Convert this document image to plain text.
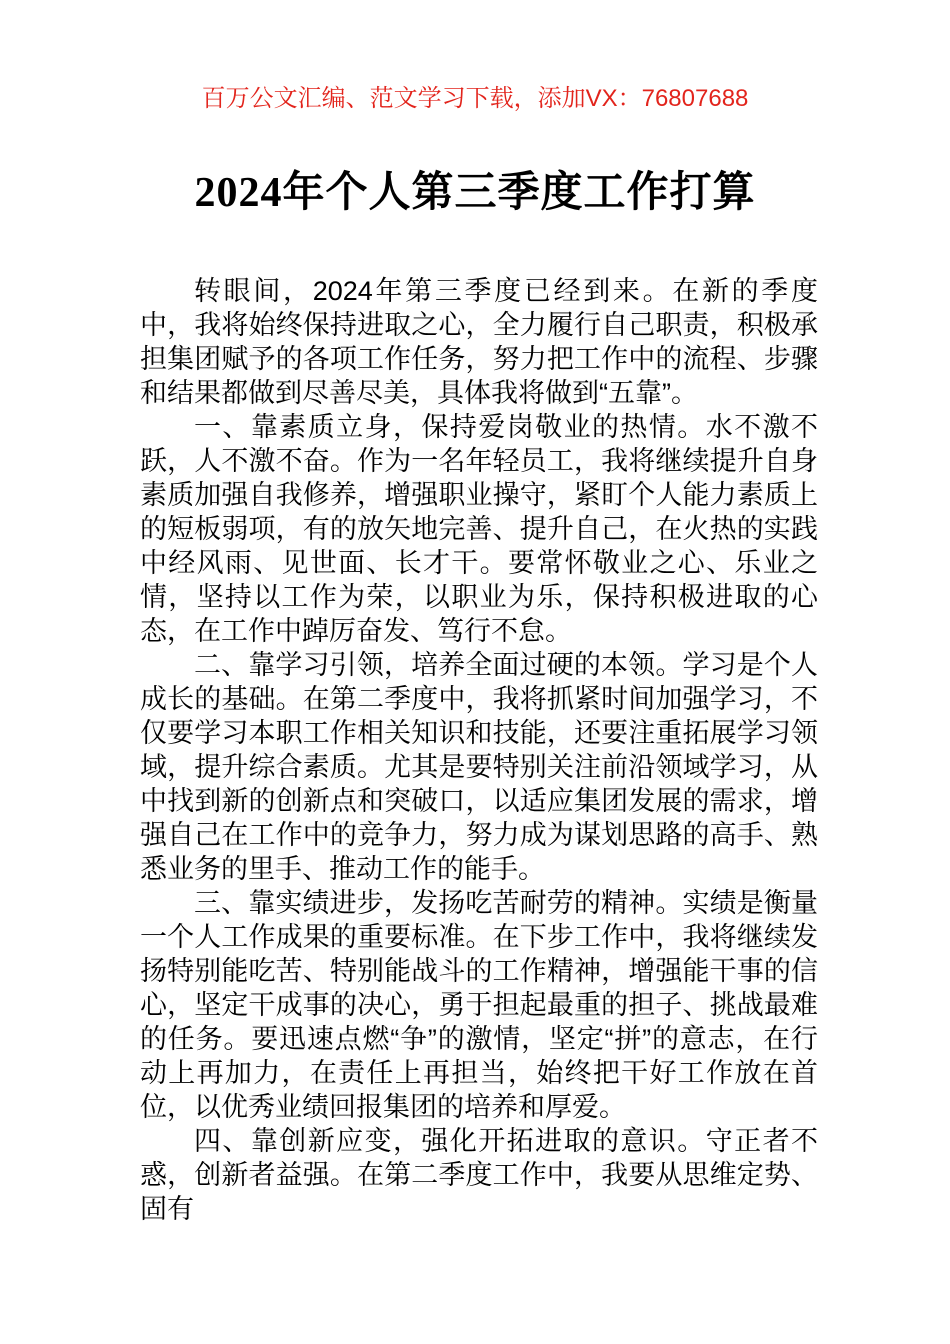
百万公文汇编、范文学习下载，添加VX：76807688
2024年个人第三季度工作打算

转眼间，2024年第三季度已经到来。在新的季度中，我将始终保持进取之心，全力履行自己职责，积极承担集团赋予的各项工作任务，努力把工作中的流程、步骤和结果都做到尽善尽美，具体我将做到“五靠”。

一、靠素质立身，保持爱岗敬业的热情。水不激不跃，人不激不奋。作为一名年轻员工，我将继续提升自身素质加强自我修养，增强职业操守，紧盯个人能力素质上的短板弱项，有的放矢地完善、提升自己，在火热的实践中经风雨、见世面、长才干。要常怀敬业之心、乐业之情，坚持以工作为荣，以职业为乐，保持积极进取的心态，在工作中踔厉奋发、笃行不怠。

二、靠学习引领，培养全面过硬的本领。学习是个人成长的基础。在第二季度中，我将抓紧时间加强学习，不仅要学习本职工作相关知识和技能，还要注重拓展学习领域，提升综合素质。尤其是要特别关注前沿领域学习，从中找到新的创新点和突破口，以适应集团发展的需求，增强自己在工作中的竞争力，努力成为谋划思路的高手、熟悉业务的里手、推动工作的能手。

三、靠实绩进步，发扬吃苦耐劳的精神。实绩是衡量一个人工作成果的重要标准。在下步工作中，我将继续发扬特别能吃苦、特别能战斗的工作精神，增强能干事的信心，坚定干成事的决心，勇于担起最重的担子、挑战最难的任务。要迅速点燃“争”的激情，坚定“拼”的意志，在行动上再加力，在责任上再担当，始终把干好工作放在首位，以优秀业绩回报集团的培养和厚爱。

四、靠创新应变，强化开拓进取的意识。守正者不惑，创新者益强。在第二季度工作中，我要从思维定势、固有
